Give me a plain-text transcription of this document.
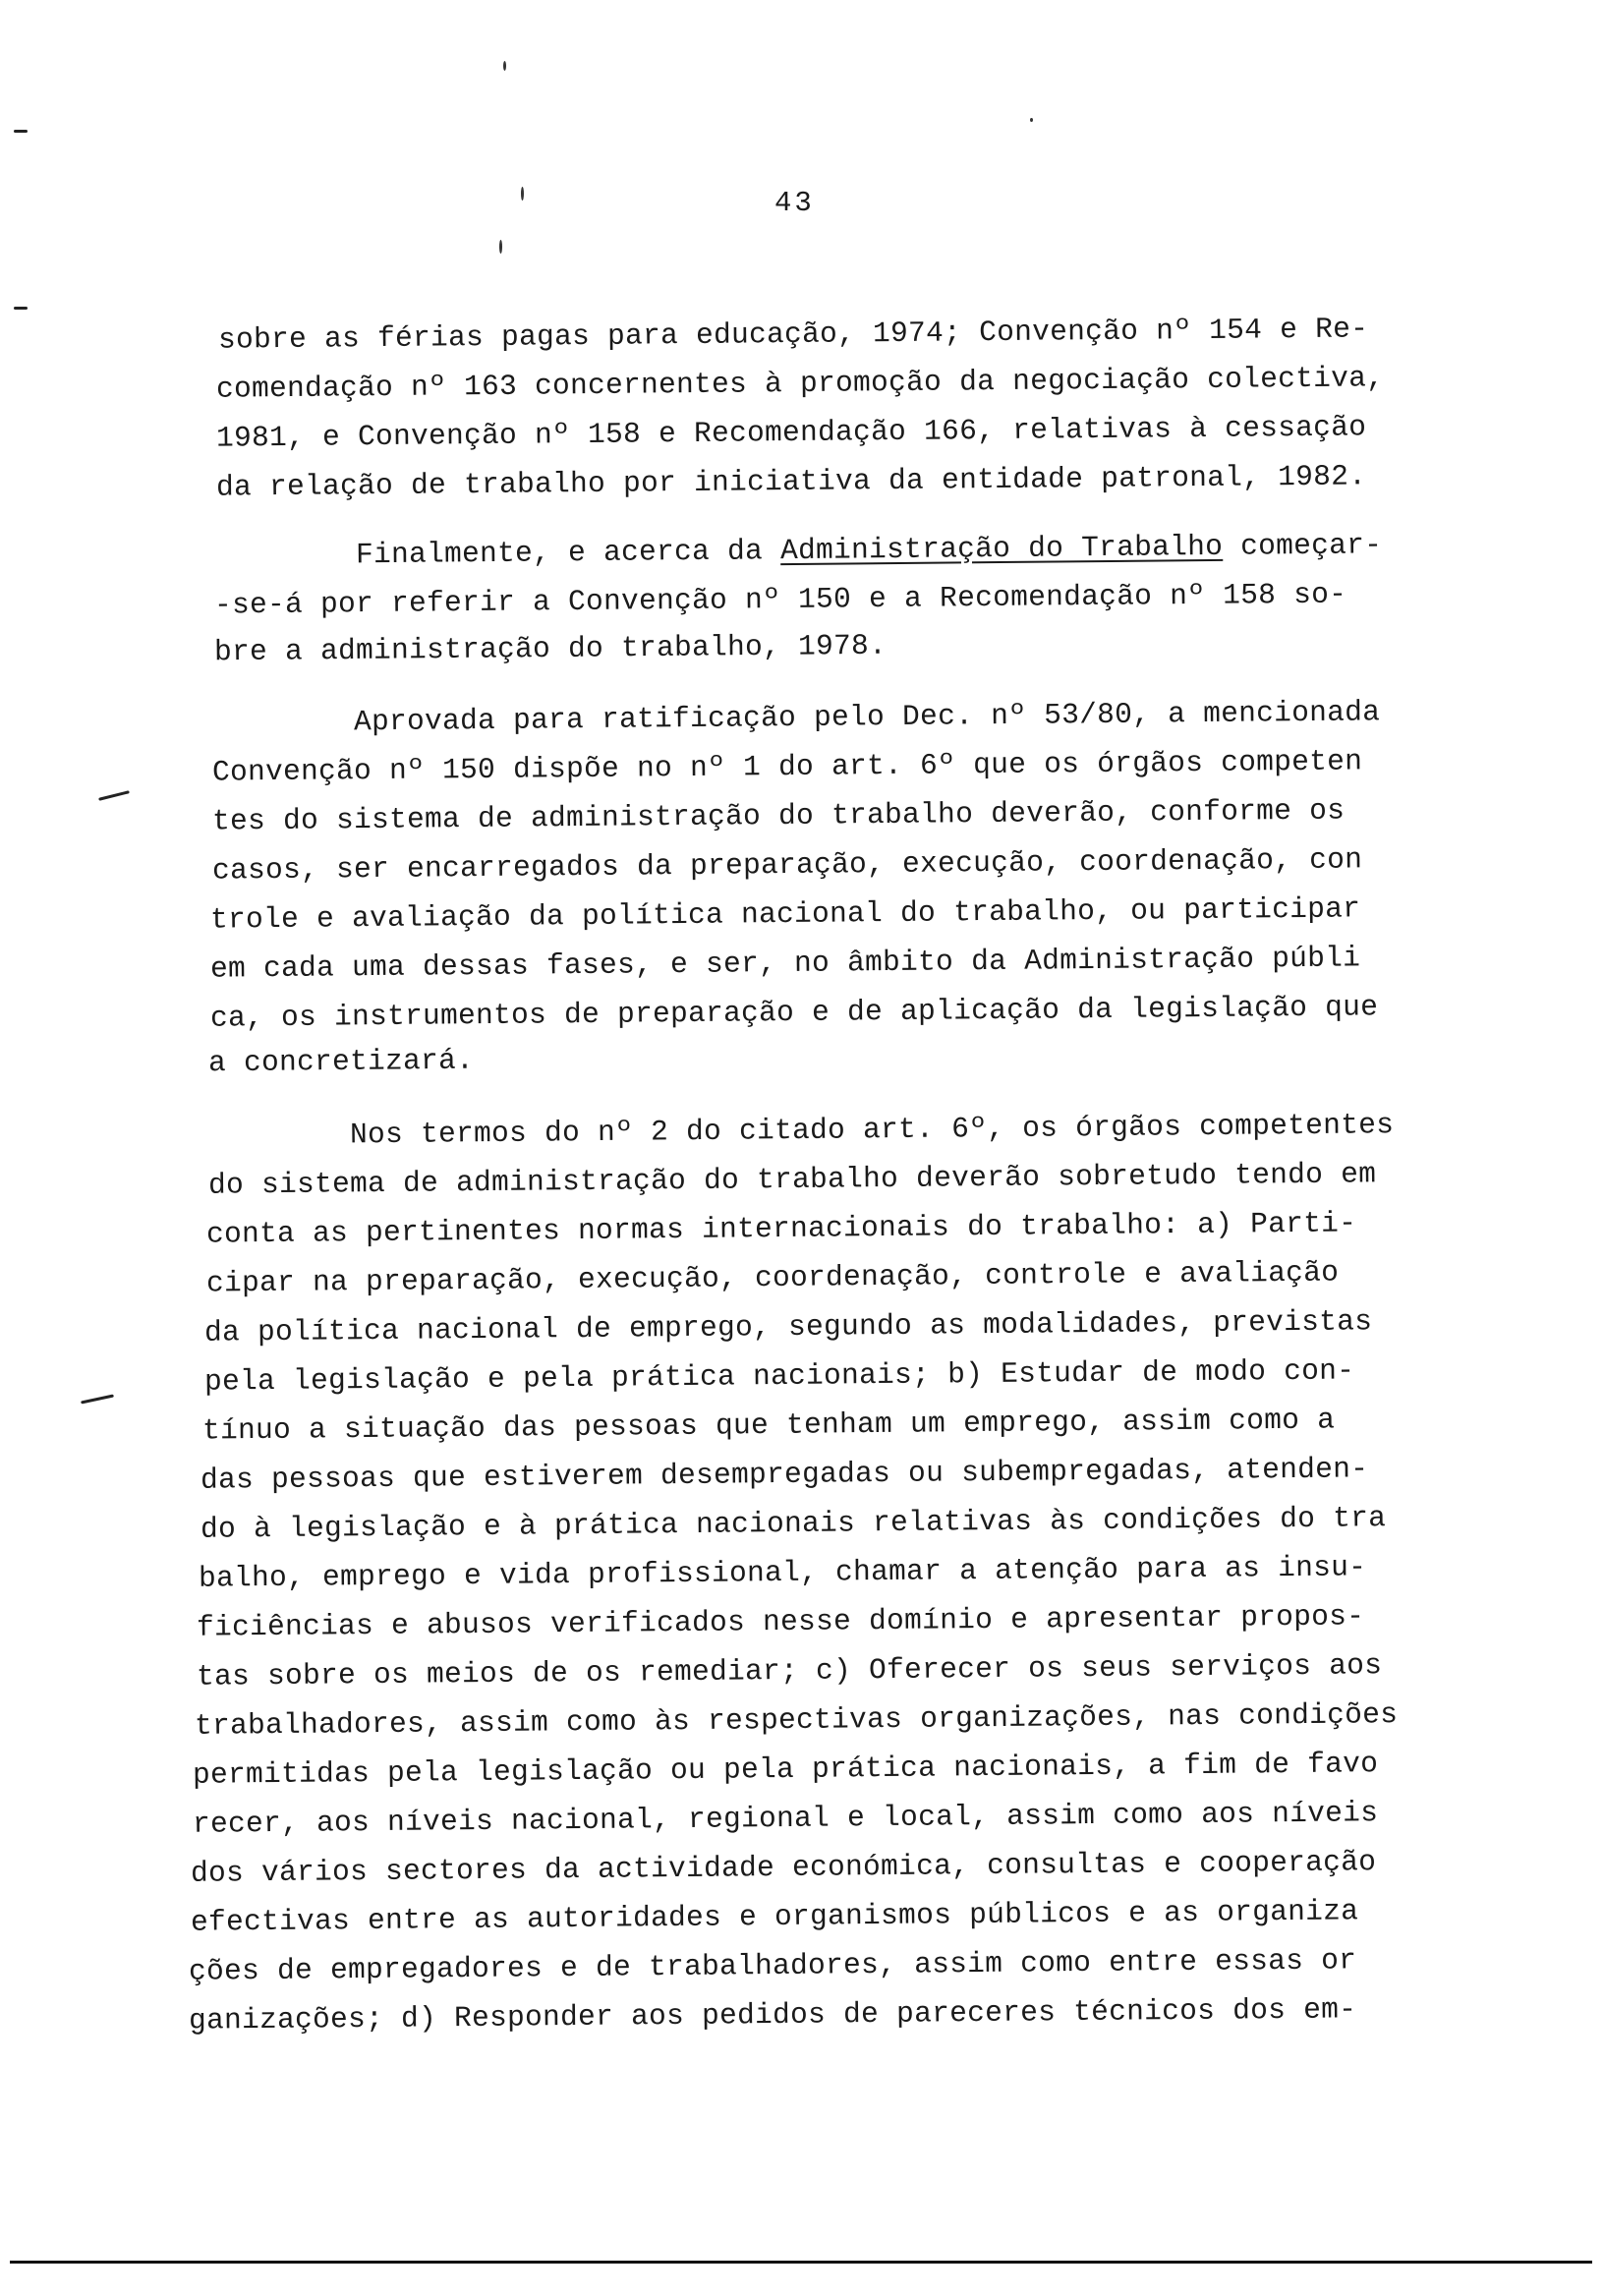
43

sobre as férias pagas para educação, 1974; Convenção nº 154 e Re-

comendação nº 163 concernentes à promoção da negociação colectiva,

1981, e Convenção nº 158 e Recomendação 166, relativas à cessação

da relação de trabalho por iniciativa da entidade patronal, 1982.

Finalmente, e acerca da Administração do Trabalho começar-

-se-á por referir a Convenção nº 150 e a Recomendação nº 158 so-

bre a administração do trabalho, 1978.

Aprovada para ratificação pelo Dec. nº 53/80, a mencionada

Convenção nº 150 dispõe no nº 1 do art. 6º que os órgãos competen

tes do sistema de administração do trabalho deverão, conforme os

casos, ser encarregados da preparação, execução, coordenação, con

trole e avaliação da política nacional do trabalho, ou participar

em cada uma dessas fases, e ser, no âmbito da Administração públi

ca, os instrumentos de preparação e de aplicação da legislação que

a concretizará.

Nos termos do nº 2 do citado art. 6º, os órgãos competentes

do sistema de administração do trabalho deverão sobretudo tendo em

conta as pertinentes normas internacionais do trabalho: a) Parti-

cipar na preparação, execução, coordenação, controle e avaliação

da política nacional de emprego, segundo as modalidades, previstas

pela legislação e pela prática nacionais; b) Estudar de modo con-

tínuo a situação das pessoas que tenham um emprego, assim como a

das pessoas que estiverem desempregadas ou subempregadas, atenden-

do à legislação e à prática nacionais relativas às condições do tra

balho, emprego e vida profissional, chamar a atenção para as insu-

ficiências e abusos verificados nesse domínio e apresentar propos-

tas sobre os meios de os remediar; c) Oferecer os seus serviços aos

trabalhadores, assim como às respectivas organizações, nas condições

permitidas pela legislação ou pela prática nacionais, a fim de favo

recer, aos níveis nacional, regional e local, assim como aos níveis

dos vários sectores da actividade económica, consultas e cooperação

efectivas entre as autoridades e organismos públicos e as organiza

ções de empregadores e de trabalhadores, assim como entre essas or

ganizações; d) Responder aos pedidos de pareceres técnicos dos em-
